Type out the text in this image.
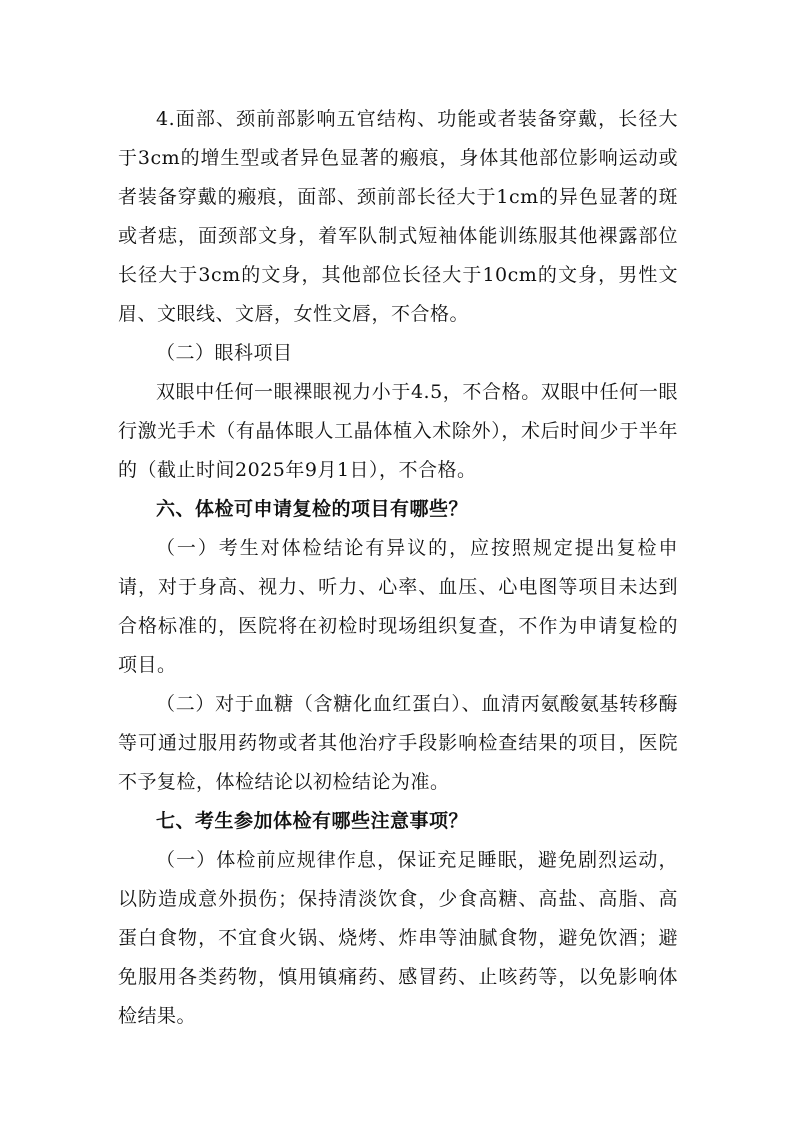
4.面部、颈前部影响五官结构、功能或者装备穿戴，长径大于3cm的增生型或者异色显著的瘢痕，身体其他部位影响运动或者装备穿戴的瘢痕，面部、颈前部长径大于1cm的异色显著的斑或者痣，面颈部文身，着军队制式短袖体能训练服其他裸露部位长径大于3cm的文身，其他部位长径大于10cm的文身，男性文眉、文眼线、文唇，女性文唇，不合格。

（二）眼科项目

双眼中任何一眼裸眼视力小于4.5，不合格。双眼中任何一眼行激光手术（有晶体眼人工晶体植入术除外），术后时间少于半年的（截止时间2025年9月1日），不合格。

六、体检可申请复检的项目有哪些？

（一）考生对体检结论有异议的，应按照规定提出复检申请，对于身高、视力、听力、心率、血压、心电图等项目未达到合格标准的，医院将在初检时现场组织复查，不作为申请复检的项目。

（二）对于血糖（含糖化血红蛋白）、血清丙氨酸氨基转移酶等可通过服用药物或者其他治疗手段影响检查结果的项目，医院不予复检，体检结论以初检结论为准。

七、考生参加体检有哪些注意事项？

（一）体检前应规律作息，保证充足睡眠，避免剧烈运动，以防造成意外损伤；保持清淡饮食，少食高糖、高盐、高脂、高蛋白食物，不宜食火锅、烧烤、炸串等油腻食物，避免饮酒；避免服用各类药物，慎用镇痛药、感冒药、止咳药等，以免影响体检结果。
